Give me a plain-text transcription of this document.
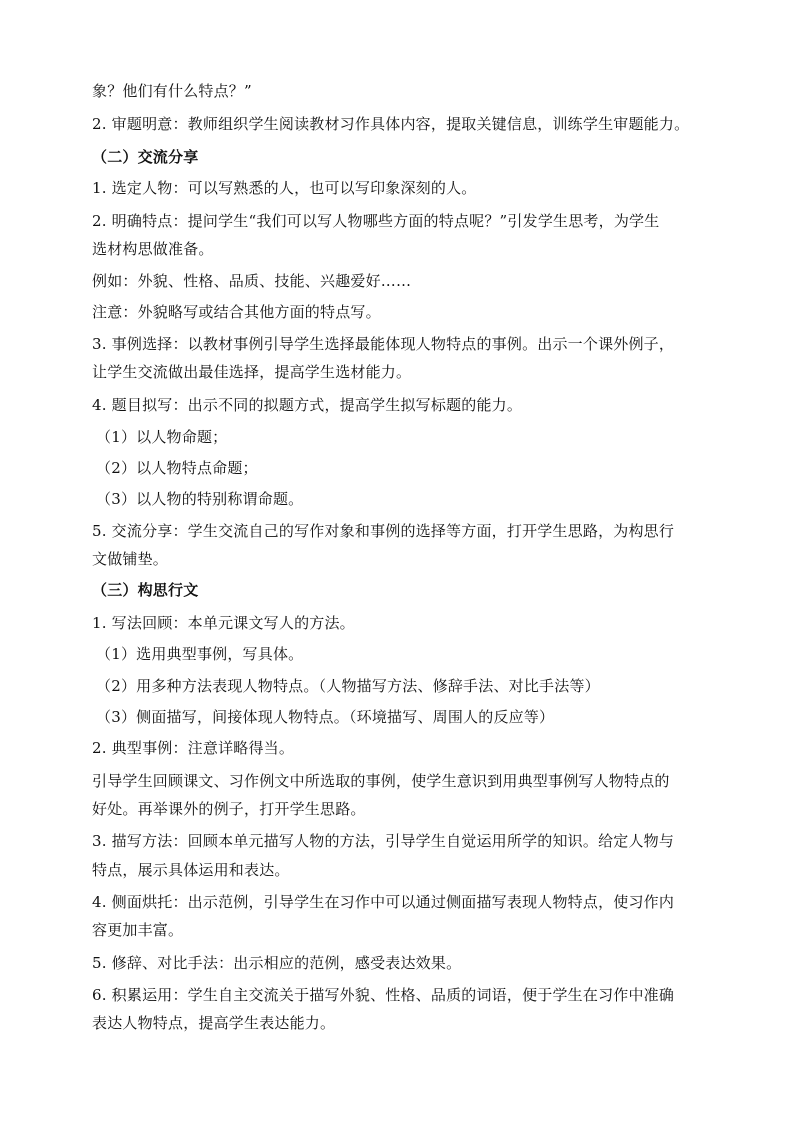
象？他们有什么特点？”
2. 审题明意：教师组织学生阅读教材习作具体内容，提取关键信息，训练学生审题能力。
（二）交流分享
1. 选定人物：可以写熟悉的人，也可以写印象深刻的人。
2. 明确特点：提问学生“我们可以写人物哪些方面的特点呢？”引发学生思考，为学生
选材构思做准备。
例如：外貌、性格、品质、技能、兴趣爱好……
注意：外貌略写或结合其他方面的特点写。
3. 事例选择：以教材事例引导学生选择最能体现人物特点的事例。出示一个课外例子，
让学生交流做出最佳选择，提高学生选材能力。
4. 题目拟写：出示不同的拟题方式，提高学生拟写标题的能力。
（1）以人物命题；
（2）以人物特点命题；
（3）以人物的特别称谓命题。
5. 交流分享：学生交流自己的写作对象和事例的选择等方面，打开学生思路，为构思行
文做铺垫。
（三）构思行文
1. 写法回顾：本单元课文写人的方法。
（1）选用典型事例，写具体。
（2）用多种方法表现人物特点。（人物描写方法、修辞手法、对比手法等）
（3）侧面描写，间接体现人物特点。（环境描写、周围人的反应等）
2. 典型事例：注意详略得当。
引导学生回顾课文、习作例文中所选取的事例，使学生意识到用典型事例写人物特点的
好处。再举课外的例子，打开学生思路。
3. 描写方法：回顾本单元描写人物的方法，引导学生自觉运用所学的知识。给定人物与
特点，展示具体运用和表达。
4. 侧面烘托：出示范例，引导学生在习作中可以通过侧面描写表现人物特点，使习作内
容更加丰富。
5. 修辞、对比手法：出示相应的范例，感受表达效果。
6. 积累运用：学生自主交流关于描写外貌、性格、品质的词语，便于学生在习作中准确
表达人物特点，提高学生表达能力。
